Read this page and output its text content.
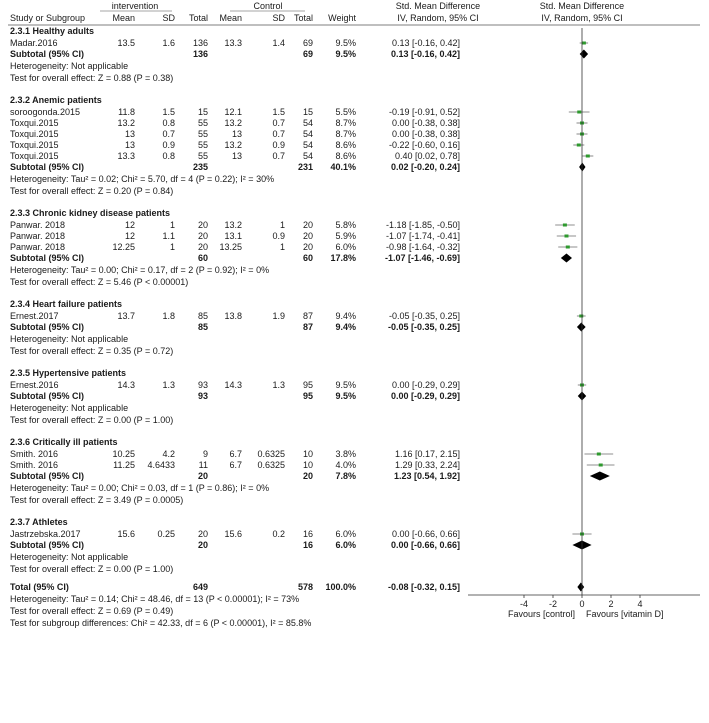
intervention	Control	Std. Mean Difference	Std. Mean Difference
Study or Subgroup	Mean	SD Total Mean	SD Total Weight	IV, Random, 95% CI	IV, Random, 95% CI
2.3.1 Healthy adults
Madar.2016	13.5	1.6 136 13.3	1.4 69 9.5%	0.13 [-0.16, 0.42]
Subtotal (95% CI)	136	69 9.5%	0.13 [-0.16, 0.42]
Heterogeneity: Not applicable
Test for overall effect: Z = 0.88 (P = 0.38)
2.3.2 Anemic patients
soroogonda.2015	11.8	1.5	15 12.1	1.5 15 5.5%	-0.19 [-0.91, 0.52]
Toxqui.2015	13.2	0.8	55 13.2	0.7 54 8.7%	0.00 [-0.38, 0.38]
Toxqui.2015	13	0.7	55	13	0.7 54 8.7%	0.00 [-0.38, 0.38]
Toxqui.2015	13	0.9	55 13.2	0.9 54 8.6%	-0.22 [-0.60, 0.16]
Toxqui.2015	13.3	0.8	55	13	0.7 54 8.6%	0.40 [0.02, 0.78]
Subtotal (95% CI)	235	231 40.1%	0.02 [-0.20, 0.24]
Heterogeneity: Tau² = 0.02; Chi² = 5.70, df = 4 (P = 0.22); I² = 30%
Test for overall effect: Z = 0.20 (P = 0.84)
2.3.3 Chronic kidney disease patients
Panwar. 2018	12	1	20 13.2	1 20 5.8%	-1.18 [-1.85, -0.50]
Panwar. 2018	12	1.1	20 13.1	0.9 20 5.9%	-1.07 [-1.74, -0.41]
Panwar. 2018	12.25	1	20 13.25	1 20 6.0%	-0.98 [-1.64, -0.32]
Subtotal (95% CI)	60	60 17.8%	-1.07 [-1.46, -0.69]
Heterogeneity: Tau² = 0.00; Chi² = 0.17, df = 2 (P = 0.92); I² = 0%
Test for overall effect: Z = 5.46 (P < 0.00001)
2.3.4 Heart failure patients
Ernest.2017	13.7	1.8	85 13.8	1.9 87 9.4%	-0.05 [-0.35, 0.25]
Subtotal (95% CI)	85	87 9.4%	-0.05 [-0.35, 0.25]
Heterogeneity: Not applicable
Test for overall effect: Z = 0.35 (P = 0.72)
2.3.5 Hypertensive patients
Ernest.2016	14.3	1.3	93 14.3	1.3 95 9.5%	0.00 [-0.29, 0.29]
Subtotal (95% CI)	93	95 9.5%	0.00 [-0.29, 0.29]
Heterogeneity: Not applicable
Test for overall effect: Z = 0.00 (P = 1.00)
2.3.6 Critically ill patients
Smith. 2016	10.25	4.2	9 6.7 0.6325 10 3.8%	1.16 [0.17, 2.15]
Smith. 2016	11.25 4.6433	11 6.7 0.6325 10 4.0%	1.29 [0.33, 2.24]
Subtotal (95% CI)	20	20 7.8%	1.23 [0.54, 1.92]
Heterogeneity: Tau² = 0.00; Chi² = 0.03, df = 1 (P = 0.86); I² = 0%
Test for overall effect: Z = 3.49 (P = 0.0005)
2.3.7 Athletes
Jastrzebska.2017	15.6 0.25	20 15.6	0.2 16 6.0%	0.00 [-0.66, 0.66]
Subtotal (95% CI)	20	16 6.0%	0.00 [-0.66, 0.66]
Heterogeneity: Not applicable
Test for overall effect: Z = 0.00 (P = 1.00)
Total (95% CI)	649	578 100.0%	-0.08 [-0.32, 0.15]
Heterogeneity: Tau² = 0.14; Chi² = 48.46, df = 13 (P < 0.00001); I² = 73%
Test for overall effect: Z = 0.69 (P = 0.49)
Test for subgroup differences: Chi² = 42.33, df = 6 (P < 0.00001), I² = 85.8%
-4 -2 0	2	4
Favours [control] Favours [vitamin D]
